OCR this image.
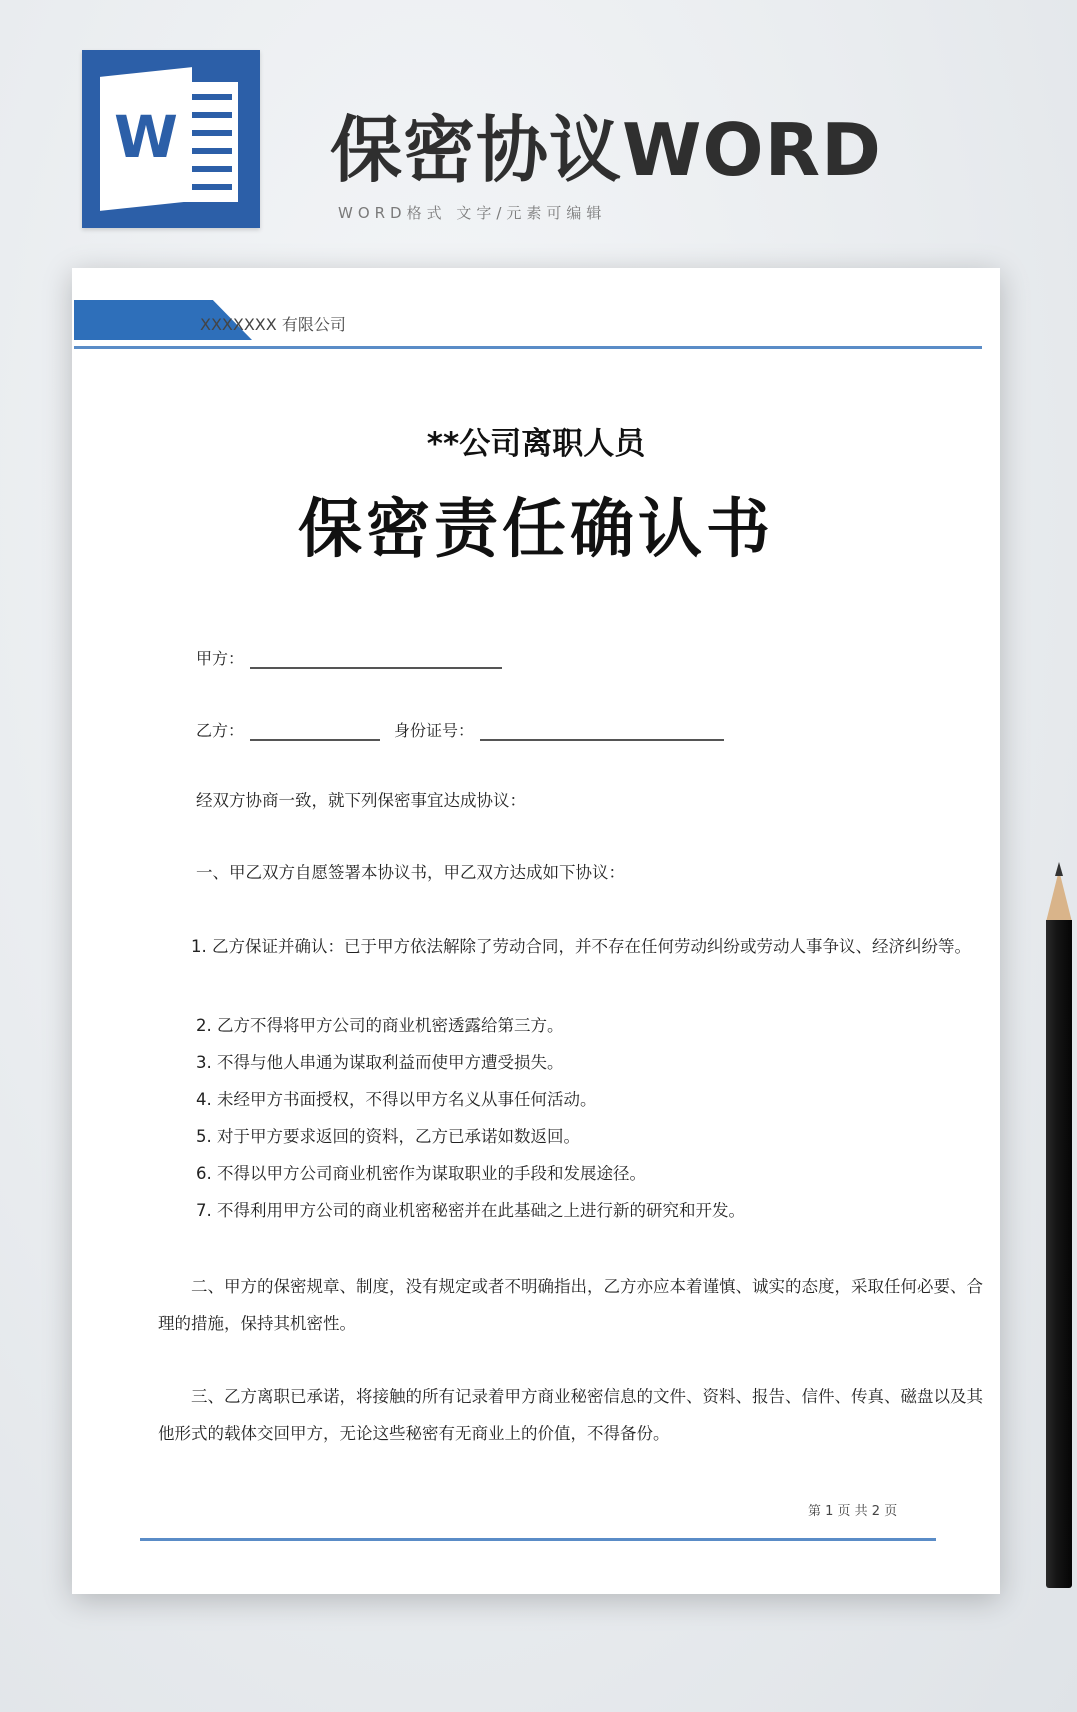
W 保密协议WORD
WORD格式 文字/元素可编辑
XXXXXXX 有限公司
**公司离职人员
保密责任确认书
甲方：
乙方：	身份证号：

经双方协商一致，就下列保密事宜达成协议：

一、甲乙双方自愿签署本协议书，甲乙双方达成如下协议：

1. 乙方保证并确认：已于甲方依法解除了劳动合同，并不存在任何劳动纠纷或劳动人事争议、经济纠纷等。

2. 乙方不得将甲方公司的商业机密透露给第三方。
3. 不得与他人串通为谋取利益而使甲方遭受损失。
4. 未经甲方书面授权，不得以甲方名义从事任何活动。
5. 对于甲方要求返回的资料，乙方已承诺如数返回。
6. 不得以甲方公司商业机密作为谋取职业的手段和发展途径。
7. 不得利用甲方公司的商业机密秘密并在此基础之上进行新的研究和开发。

二、甲方的保密规章、制度，没有规定或者不明确指出，乙方亦应本着谨慎、诚实的态度，采取任何必要、合理的措施，保持其机密性。

三、乙方离职已承诺，将接触的所有记录着甲方商业秘密信息的文件、资料、报告、信件、传真、磁盘以及其他形式的载体交回甲方，无论这些秘密有无商业上的价值，不得备份。

第 1 页 共 2 页
